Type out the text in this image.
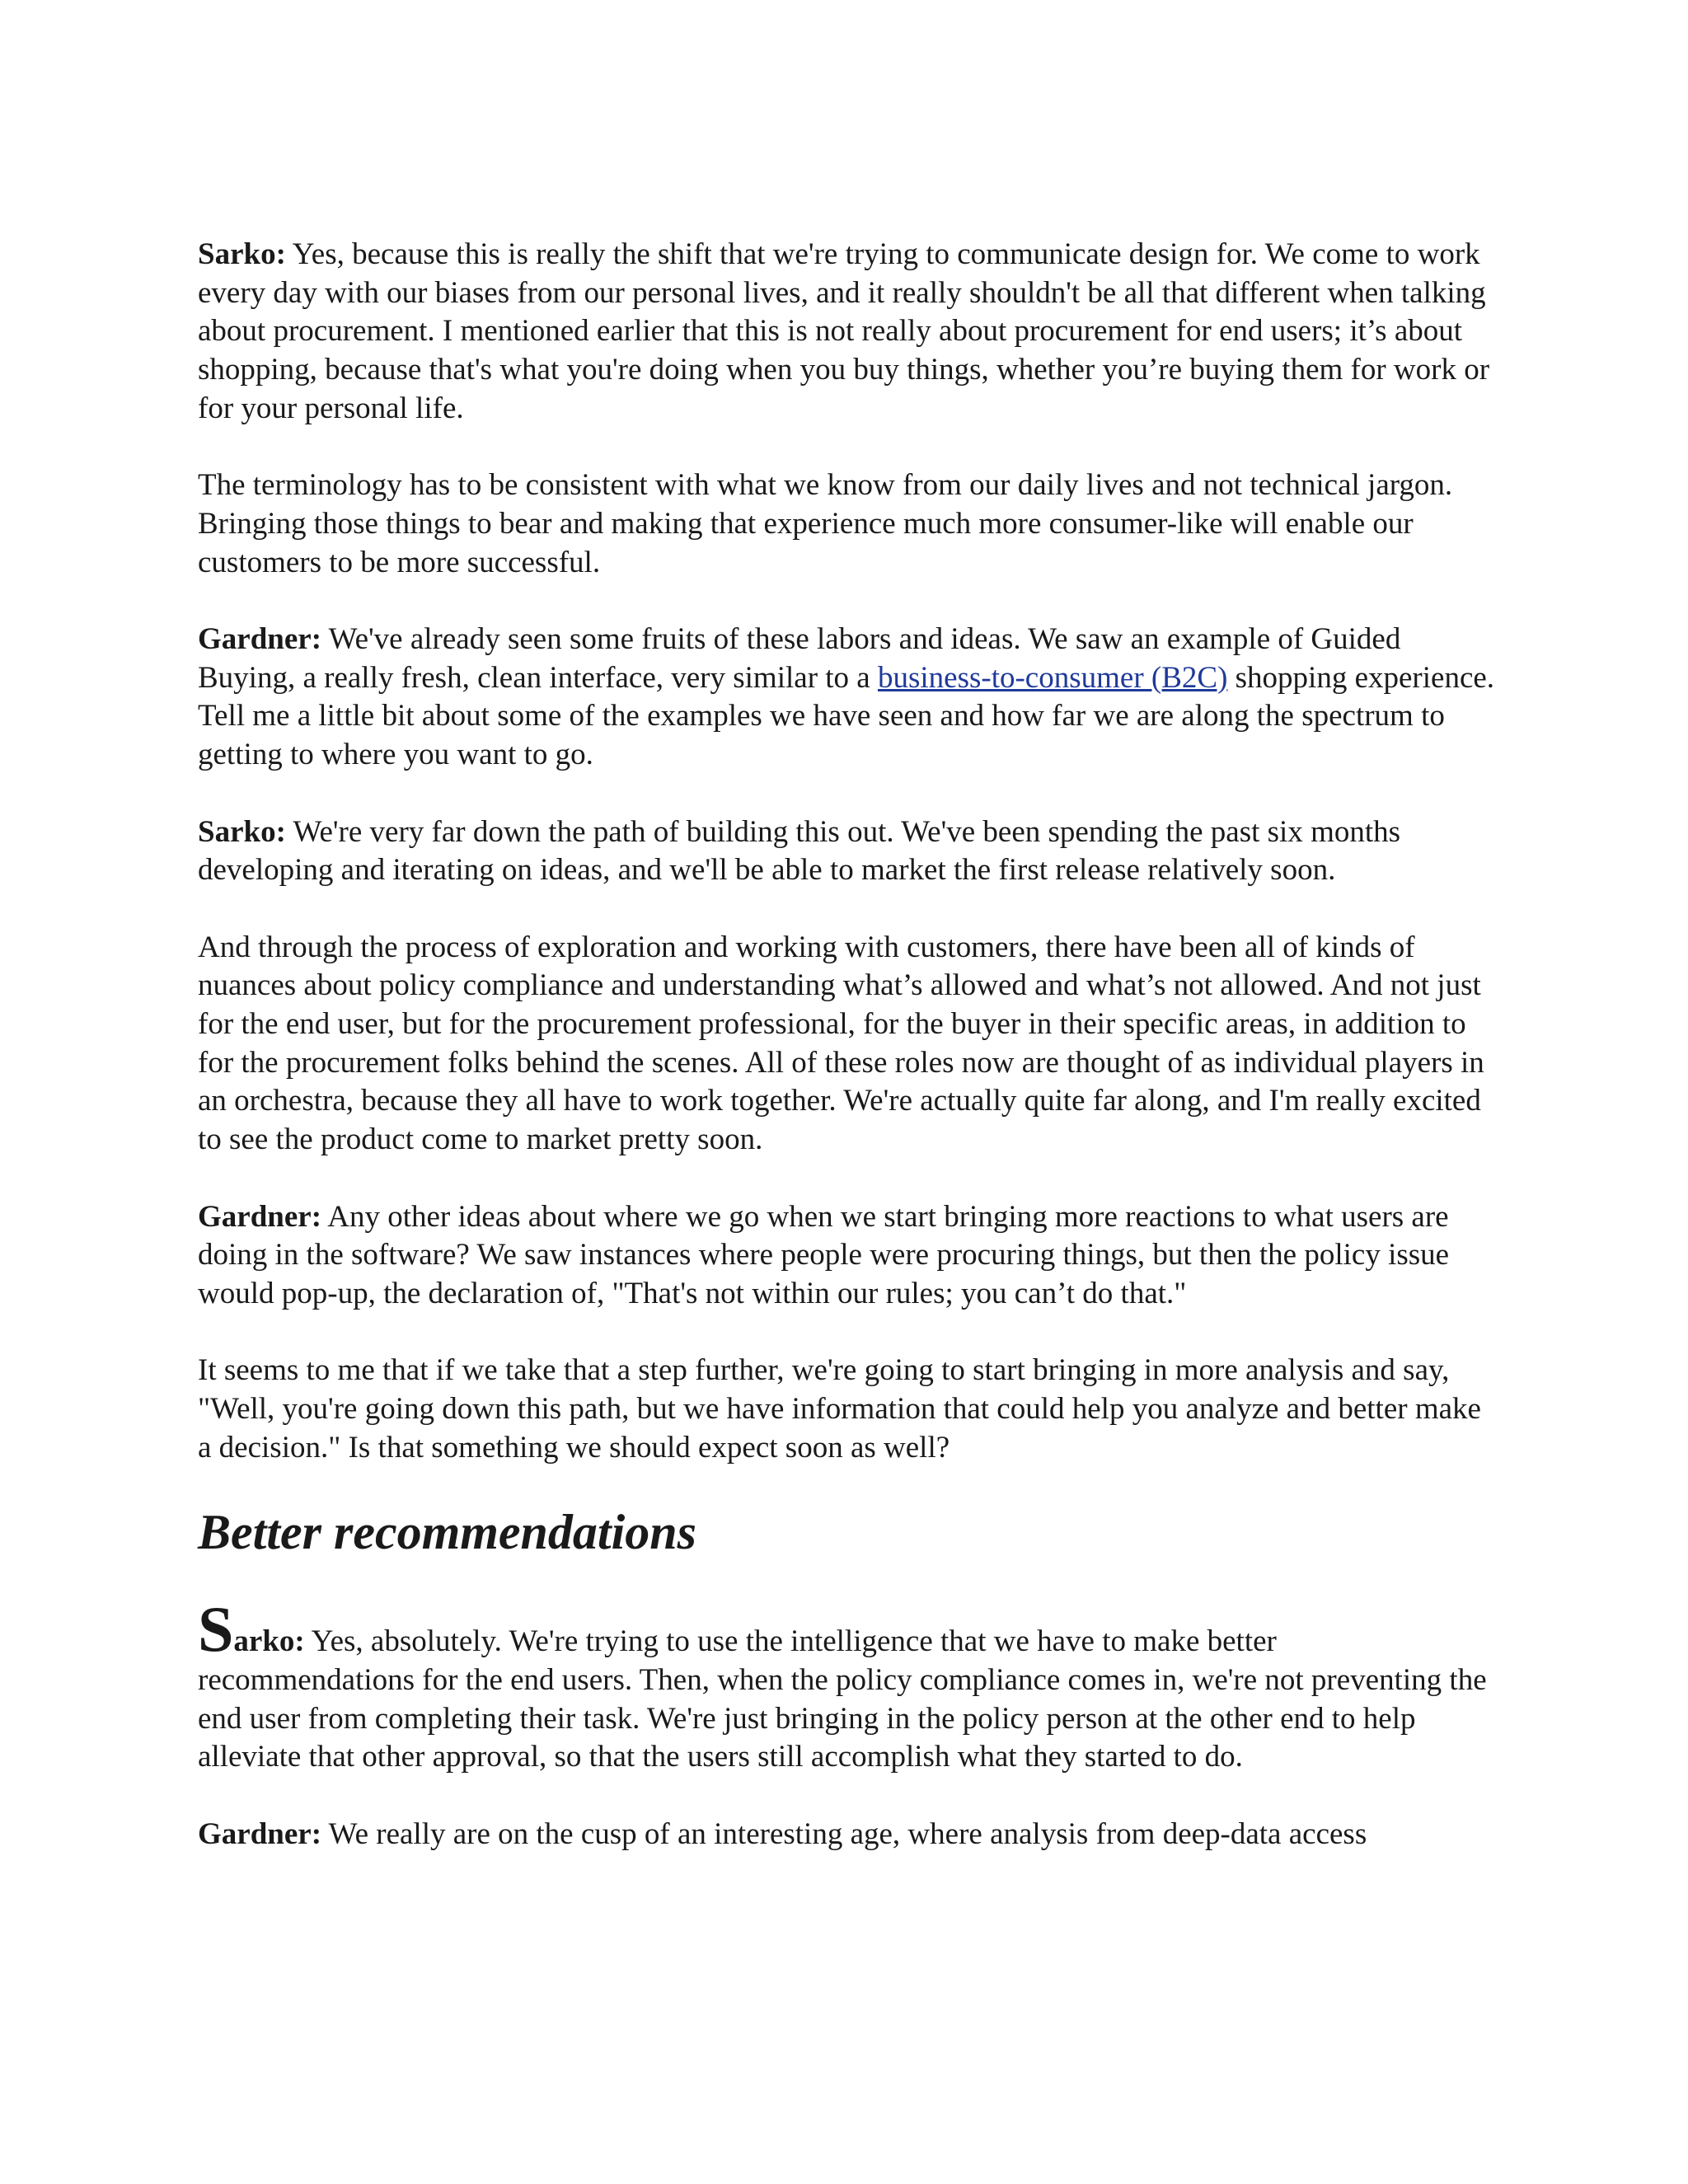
Sarko: Yes, because this is really the shift that we're trying to communicate design for. We come to work every day with our biases from our personal lives, and it really shouldn't be all that different when talking about procurement. I mentioned earlier that this is not really about procurement for end users; it’s about shopping, because that's what you're doing when you buy things, whether you’re buying them for work or for your personal life.

The terminology has to be consistent with what we know from our daily lives and not technical jargon. Bringing those things to bear and making that experience much more consumer-like will enable our customers to be more successful.

Gardner: We've already seen some fruits of these labors and ideas. We saw an example of Guided Buying, a really fresh, clean interface, very similar to a business-to-consumer (B2C) shopping experience. Tell me a little bit about some of the examples we have seen and how far we are along the spectrum to getting to where you want to go.

Sarko: We're very far down the path of building this out. We've been spending the past six months developing and iterating on ideas, and we'll be able to market the first release relatively soon.

And through the process of exploration and working with customers, there have been all of kinds of nuances about policy compliance and understanding what’s allowed and what’s not allowed. And not just for the end user, but for the procurement professional, for the buyer in their specific areas, in addition to for the procurement folks behind the scenes. All of these roles now are thought of as individual players in an orchestra, because they all have to work together. We're actually quite far along, and I'm really excited to see the product come to market pretty soon.

Gardner: Any other ideas about where we go when we start bringing more reactions to what users are doing in the software? We saw instances where people were procuring things, but then the policy issue would pop-up, the declaration of, "That's not within our rules; you can’t do that."

It seems to me that if we take that a step further, we're going to start bringing in more analysis and say, "Well, you're going down this path, but we have information that could help you analyze and better make a decision." Is that something we should expect soon as well?

Better recommendations

Sarko: Yes, absolutely. We're trying to use the intelligence that we have to make better recommendations for the end users. Then, when the policy compliance comes in, we're not preventing the end user from completing their task. We're just bringing in the policy person at the other end to help alleviate that other approval, so that the users still accomplish what they started to do.

Gardner: We really are on the cusp of an interesting age, where analysis from deep-data access
